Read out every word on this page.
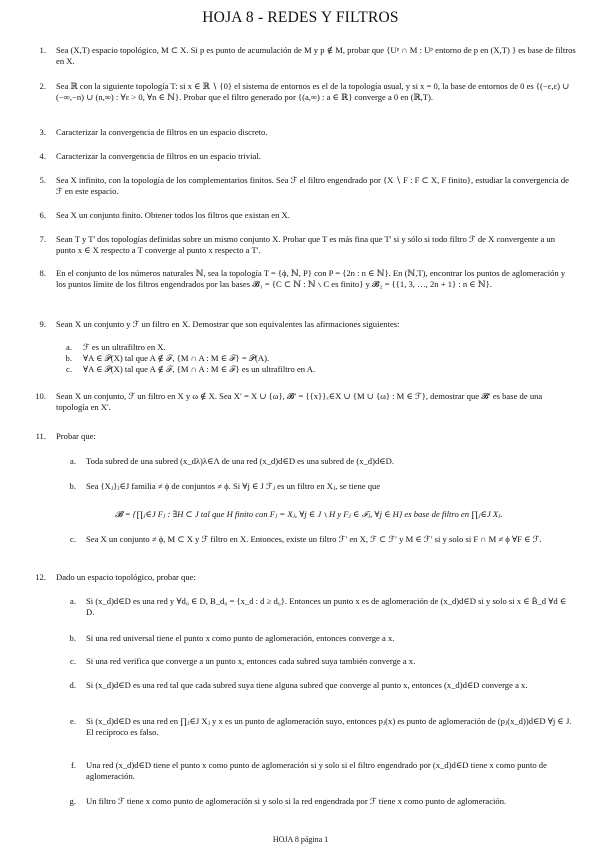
HOJA 8 - REDES Y FILTROS
1. Sea (X,T) espacio topológico, M ⊂ X. Si p es punto de acumulación de M y p ∉ M, probar que {Uᵖ ∩ M : Uᵖ entorno de p en (X,T) } es base de filtros en X.
2. Sea ℝ con la siguiente topología T: si x ∈ ℝ ∖ {0} el sistema de entornos es el de la topología usual, y si x = 0, la base de entornos de 0 es {(−ε,ε) ∪ (−∞,−n) ∪ (n,∞) : ∀ε > 0, ∀n ∈ ℕ}. Probar que el filtro generado por {(a,∞) : a ∈ ℝ} converge a 0 en (ℝ,T).
3. Caracterizar la convergencia de filtros en un espacio discreto.
4. Caracterizar la convergencia de filtros en un espacio trivial.
5. Sea X infinito, con la topología de los complementarios finitos. Sea ℱ el filtro engendrado por {X ∖ F : F ⊂ X, F finito}, estudiar la convergencia de ℱ en este espacio.
6. Sea X un conjunto finito. Obtener todos los filtros que existan en X.
7. Sean T y T' dos topologías definidas sobre un mismo conjunto X. Probar que T es más fina que T' si y sólo si todo filtro ℱ de X convergente a un punto x ∈ X respecto a T converge al punto x respecto a T'.
8. En el conjunto de los números naturales ℕ, sea la topología T = {ϕ, ℕ, P} con P = {2n : n ∈ ℕ}. En (ℕ,T), encontrar los puntos de aglomeración y los puntos límite de los filtros engendrados por las bases 𝓑₁ = {C ⊂ ℕ : ℕ ∖ C es finito} y 𝓑₂ = {{1, 3, …, 2n + 1} : n ∈ ℕ}.
9. Sean X un conjunto y ℱ un filtro en X. Demostrar que son equivalentes las afirmaciones siguientes:
a. ℱ es un ultrafiltro en X.
b. ∀A ∈ 𝒫(X) tal que A ∉ ℱ, {M ∩ A : M ∈ ℱ} = 𝒫(A).
c. ∀A ∈ 𝒫(X) tal que A ∉ ℱ, {M ∩ A : M ∈ ℱ} es un ultrafiltro en A.
10. Sean X un conjunto, ℱ un filtro en X y ω ∉ X. Sea X′ = X ∪ {ω}, 𝓑′ = {{x}}ₓ∈X ∪ {M ∪ {ω} : M ∈ ℱ}, demostrar que 𝓑′ es base de una topología en X'.
11. Probar que:
a. Toda subred de una subred (x_dλ)λ∈Λ de una red (x_d)d∈D es una subred de (x_d)d∈D.
b. Sea {Xⱼ}ⱼ∈J familia ≠ ϕ de conjuntos ≠ ϕ. Si ∀j ∈ J ℱⱼ es un filtro en Xⱼ, se tiene que
𝓑 = {∏ⱼ∈J Fⱼ : ∃H ⊂ J tal que H finito con Fⱼ = Xⱼ, ∀j ∈ J ∖ H y Fⱼ ∈ ℱⱼ, ∀j ∈ H} es base de filtro en ∏ⱼ∈J Xⱼ.
c. Sea X un conjunto ≠ ϕ, M ⊂ X y ℱ filtro en X. Entonces, existe un filtro ℱ′ en X, ℱ ⊂ ℱ′ y M ∈ ℱ′ si y solo si F ∩ M ≠ ϕ ∀F ∈ ℱ.
12. Dado un espacio topológico, probar que:
a. Si (x_d)d∈D es una red y ∀d₀ ∈ D, B_d₀ = {x_d : d ≥ d₀}. Entonces un punto x es de aglomeración de (x_d)d∈D si y solo si x ∈ B̄_d ∀d ∈ D.
b. Si una red universal tiene el punto x como punto de aglomeración, entonces converge a x.
c. Si una red verifica que converge a un punto x, entonces cada subred suya también converge a x.
d. Si (x_d)d∈D es una red tal que cada subred suya tiene alguna subred que converge al punto x, entonces (x_d)d∈D converge a x.
e. Si (x_d)d∈D es una red en ∏ⱼ∈J Xⱼ y x es un punto de aglomeración suyo, entonces pⱼ(x) es punto de aglomeración de (pⱼ(x_d))d∈D ∀j ∈ J. El recíproco es falso.
f. Una red (x_d)d∈D tiene el punto x como punto de aglomeración si y solo si el filtro engendrado por (x_d)d∈D tiene x como punto de aglomeración.
g. Un filtro ℱ tiene x como punto de aglomeración si y solo si la red engendrada por ℱ tiene x como punto de aglomeración.
HOJA 8 página 1
